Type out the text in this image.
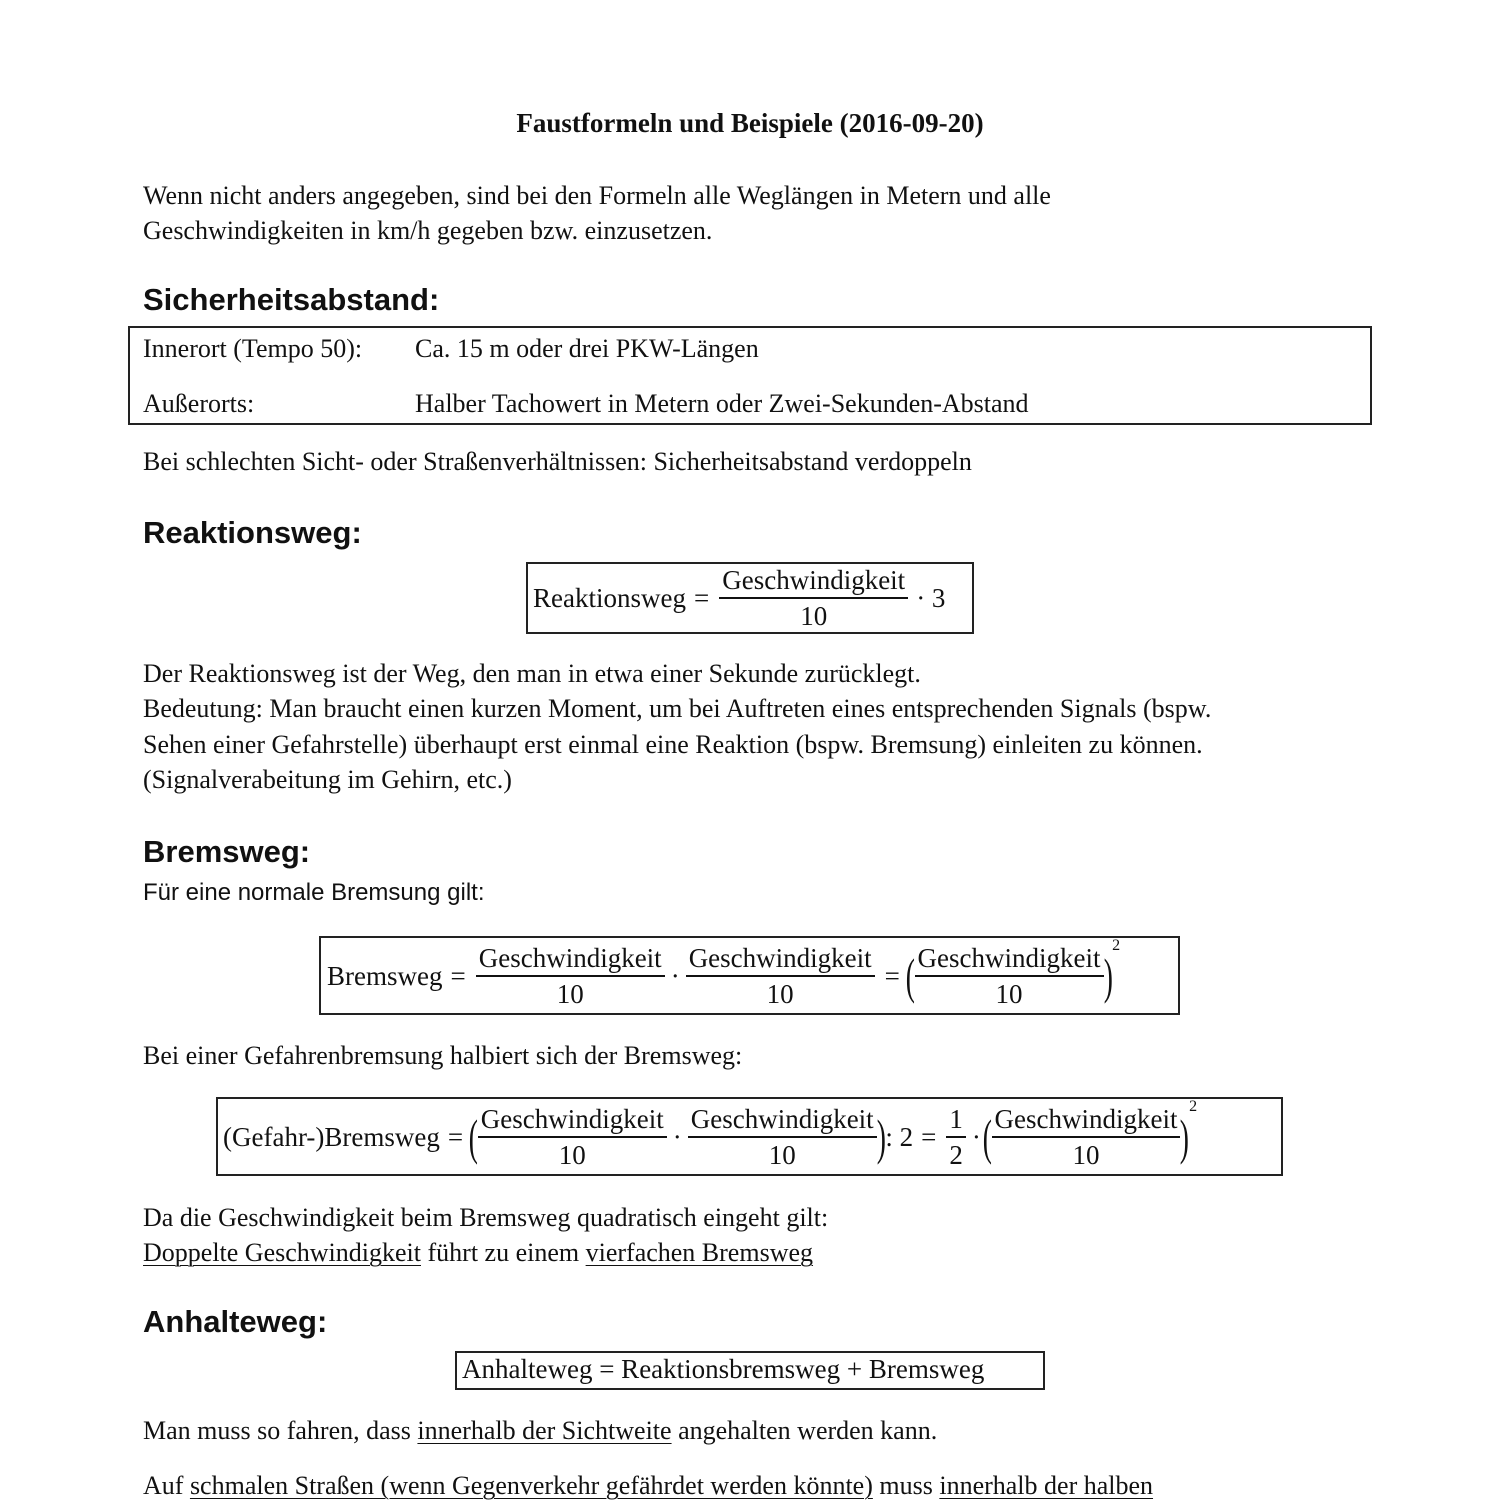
Faustformeln und Beispiele (2016-09-20)
Wenn nicht anders angegeben, sind bei den Formeln alle Weglängen in Metern und alle
Geschwindigkeiten in km/h gegeben bzw. einzusetzen.
Sicherheitsabstand:
Innerort (Tempo 50): Ca. 15 m oder drei PKW-Längen
Außerorts:	Halber Tachowert in Metern oder Zwei-Sekunden-Abstand
Bei schlechten Sicht- oder Straßenverhältnissen: Sicherheitsabstand verdoppeln
Reaktionsweg:
Reaktionsweg = $\frac{\text{Geschwindigkeit}}{10} \cdot 3$
Der Reaktionsweg ist der Weg, den man in etwa einer Sekunde zurücklegt.
Bedeutung: Man braucht einen kurzen Moment, um bei Auftreten eines entsprechenden Signals (bspw.
Sehen einer Gefahrstelle) überhaupt erst einmal eine Reaktion (bspw. Bremsung) einleiten zu können.
(Signalverabeitung im Gehirn, etc.)
Bremsweg:
Für eine normale Bremsung gilt:
Bremsweg = $\frac{\text{Geschwindigkeit}}{10} \cdot \frac{\text{Geschwindigkeit}}{10}$ = ( $\frac{\text{Geschwindigkeit}}{10}$ )
2
Bei einer Gefahrenbremsung halbiert sich der Bremsweg:
(Gefahr-)Bremsweg = ( $\frac{\text{Geschwindigkeit}}{10} \cdot \frac{\text{Geschwindigkeit}}{10}$ ) : $2 = \frac{1}{2}$ · ( $\frac{\text{Geschwindigkeit}}{10}$ )
2
Da die Geschwindigkeit beim Bremsweg quadratisch eingeht gilt:
Doppelte Geschwindigkeit führt zu einem vierfachen Bremsweg
Anhalteweg:
Anhalteweg = Reaktionsbremsweg + Bremsweg
Man muss so fahren, dass innerhalb der Sichtweite angehalten werden kann.
Auf schmalen Straßen (wenn Gegenverkehr gefährdet werden könnte) muss innerhalb der halben
